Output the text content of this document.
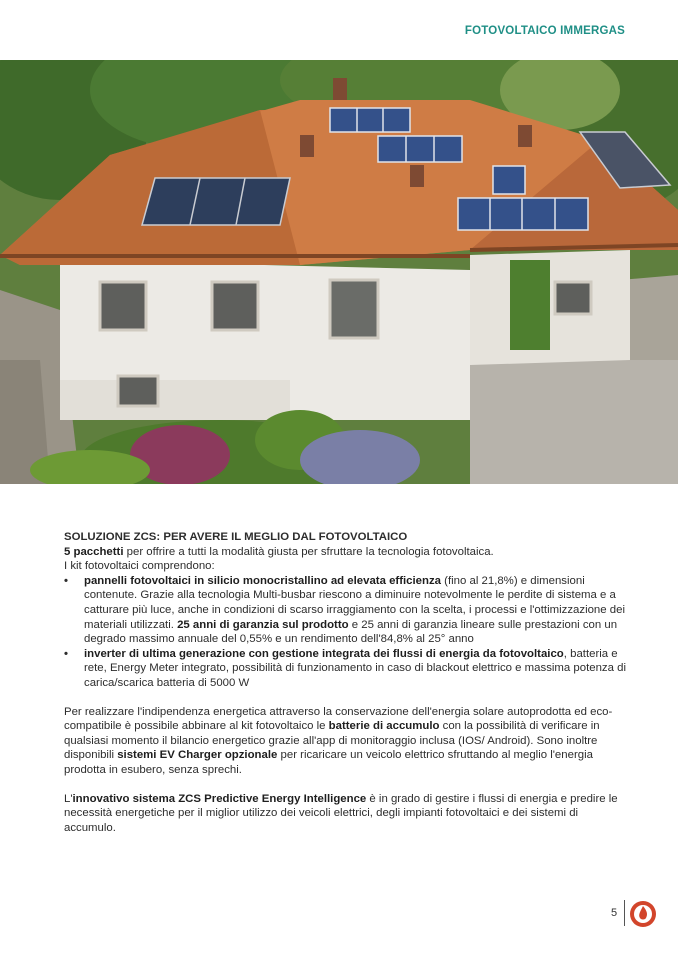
FOTOVOLTAICO IMMERGAS
SOLUZIONE ZCS: PER AVERE IL MEGLIO DAL FOTOVOLTAICO
5 pacchetti per offrire a tutti la modalità giusta per sfruttare la tecnologia fotovoltaica.
I kit fotovoltaici comprendono:
• pannelli fotovoltaici in silicio monocristallino ad elevata efficienza (fino al 21,8%) e dimensioni contenute. Grazie alla tecnologia Multi-busbar riescono a diminuire notevolmente le perdite di sistema e a catturare più luce, anche in condizioni di scarso irraggiamento con la scelta, i processi e l'ottimizzazione dei materiali utilizzati. 25 anni di garanzia sul prodotto e 25 anni di garanzia lineare sulle prestazioni con un degrado massimo annuale del 0,55% e un rendimento dell'84,8% al 25° anno
• inverter di ultima generazione con gestione integrata dei flussi di energia da fotovoltaico, batteria e rete, Energy Meter integrato, possibilità di funzionamento in caso di blackout elettrico e massima potenza di carica/scarica batteria di 5000 W

Per realizzare l'indipendenza energetica attraverso la conservazione dell'energia solare autoprodotta ed eco-compatibile è possibile abbinare al kit fotovoltaico le batterie di accumulo con la possibilità di verificare in qualsiasi momento il bilancio energetico grazie all'app di monitoraggio inclusa (IOS/ Android). Sono inoltre disponibili sistemi EV Charger opzionale per ricaricare un veicolo elettrico sfruttando al meglio l'energia prodotta in esubero, senza sprechi.

L'innovativo sistema ZCS Predictive Energy Intelligence è in grado di gestire i flussi di energia e predire le necessità energetiche per il miglior utilizzo dei veicoli elettrici, degli impianti fotovoltaici e dei sistemi di accumulo.

5
